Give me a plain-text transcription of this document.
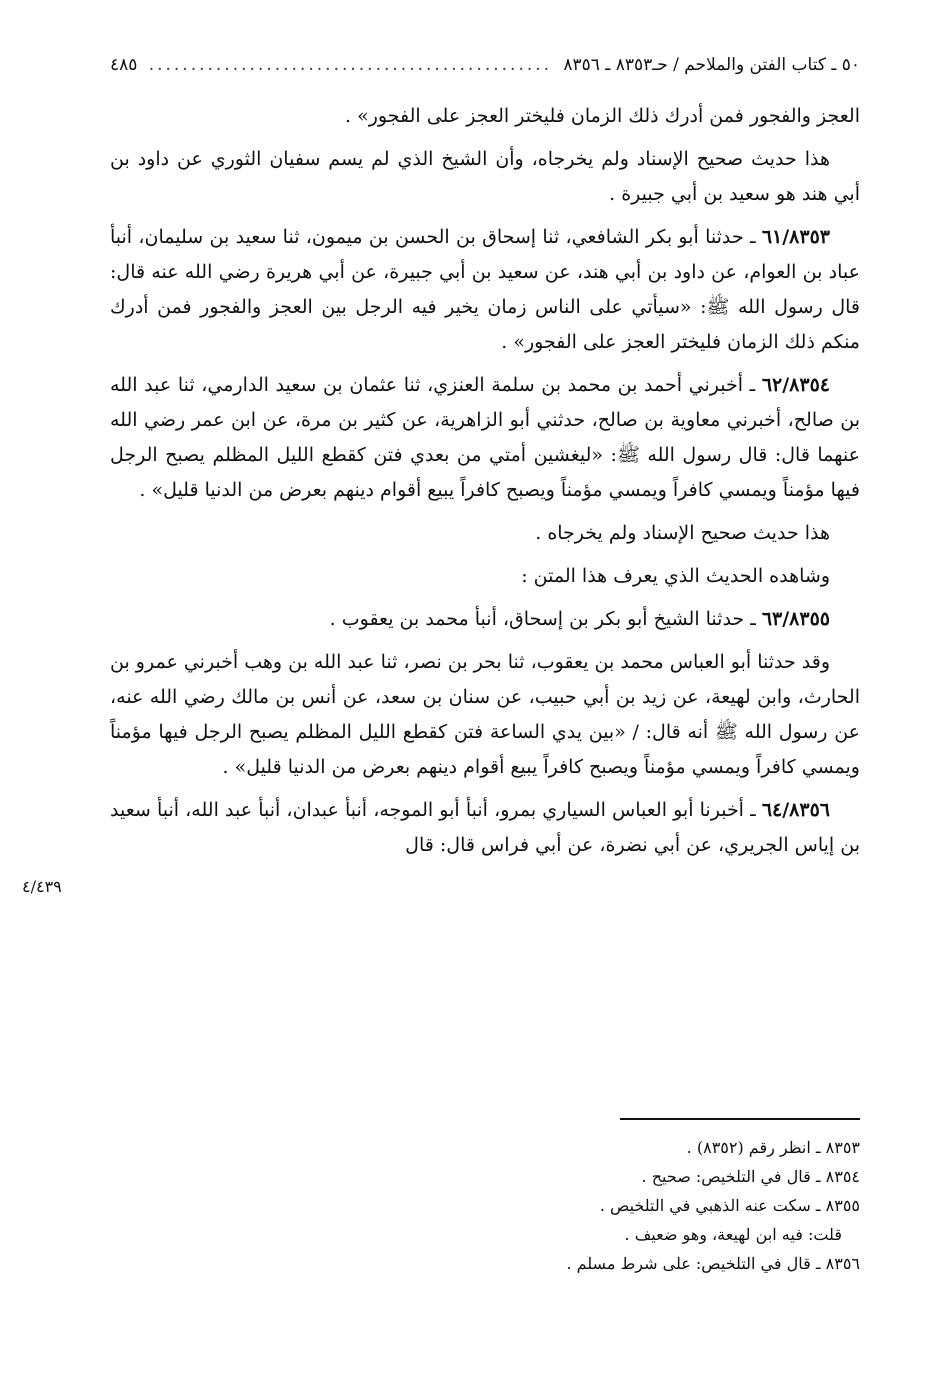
٥٠ ـ كتاب الفتن والملاحم / حـ٨٣٥٣ ـ ٨٣٥٦
................................................
٤٨٥

العجز والفجور فمن أدرك ذلك الزمان فليختر العجز على الفجور» .

هذا حديث صحيح الإسناد ولم يخرجاه، وأن الشيخ الذي لم يسم سفيان الثوري عن داود بن أبي هند هو سعيد بن أبي جبيرة .

٦١/٨٣٥٣ ـ حدثنا أبو بكر الشافعي، ثنا إسحاق بن الحسن بن ميمون، ثنا سعيد بن سليمان، أنبأ عباد بن العوام، عن داود بن أبي هند، عن سعيد بن أبي جبيرة، عن أبي هريرة رضي الله عنه قال: قال رسول الله ﷺ: «سيأتي على الناس زمان يخير فيه الرجل بين العجز والفجور فمن أدرك منكم ذلك الزمان فليختر العجز على الفجور» .

٦٢/٨٣٥٤ ـ أخبرني أحمد بن محمد بن سلمة العنزي، ثنا عثمان بن سعيد الدارمي، ثنا عبد الله بن صالح، أخبرني معاوية بن صالح، حدثني أبو الزاهرية، عن كثير بن مرة، عن ابن عمر رضي الله عنهما قال: قال رسول الله ﷺ: «ليغشين أمتي من بعدي فتن كقطع الليل المظلم يصبح الرجل فيها مؤمناً ويمسي كافراً ويمسي مؤمناً ويصبح كافراً يبيع أقوام دينهم بعرض من الدنيا قليل» .

هذا حديث صحيح الإسناد ولم يخرجاه .

وشاهده الحديث الذي يعرف هذا المتن :

٦٣/٨٣٥٥ ـ حدثنا الشيخ أبو بكر بن إسحاق، أنبأ محمد بن يعقوب .

وقد حدثنا أبو العباس محمد بن يعقوب، ثنا بحر بن نصر، ثنا عبد الله بن وهب أخبرني عمرو بن الحارث، وابن لهيعة، عن زيد بن أبي حبيب، عن سنان بن سعد، عن أنس بن مالك رضي الله عنه، عن رسول الله ﷺ أنه قال: / «بين يدي الساعة فتن كقطع الليل المظلم يصبح الرجل فيها مؤمناً ويمسي كافراً ويمسي مؤمناً ويصبح كافراً يبيع أقوام دينهم بعرض من الدنيا قليل» .

٦٤/٨٣٥٦ ـ أخبرنا أبو العباس السياري بمرو، أنبأ أبو الموجه، أنبأ عبدان، أنبأ عبد الله، أنبأ سعيد بن إياس الجريري، عن أبي نضرة، عن أبي فراس قال: قال

٤/٤٣٩
٨٣٥٣ ـ انظر رقم (٨٣٥٢) .
٨٣٥٤ ـ قال في التلخيص: صحيح .
٨٣٥٥ ـ سكت عنه الذهبي في التلخيص .
قلت: فيه ابن لهيعة، وهو ضعيف .
٨٣٥٦ ـ قال في التلخيص: على شرط مسلم .
